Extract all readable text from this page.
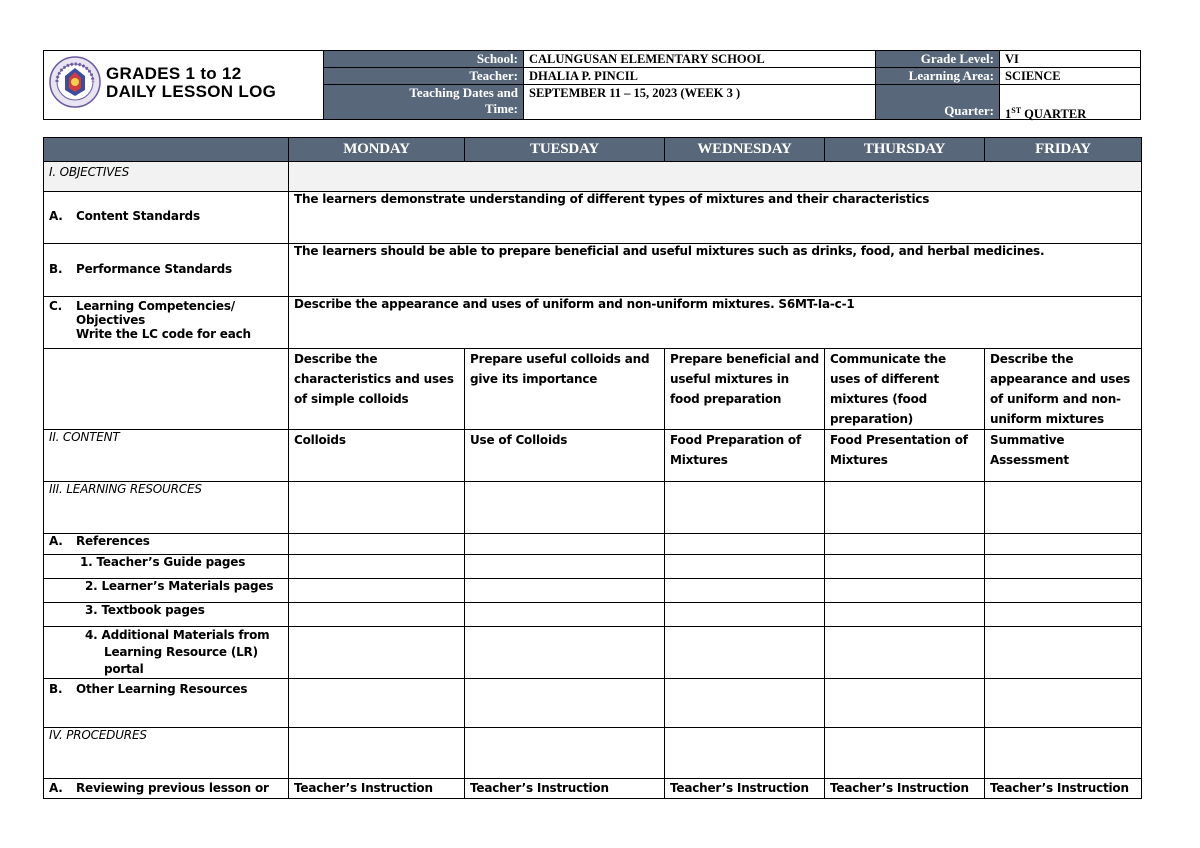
GRADES 1 to 12
DAILY LESSON LOG
School: CALUNGUSAN ELEMENTARY SCHOOL	Grade Level: VI
Teacher: DHALIA P. PINCIL	Learning Area: SCIENCE
Teaching Dates and
Time:
SEPTEMBER 11 – 15, 2023 (WEEK 3 )
Quarter: 1ST QUARTER
	MONDAY	TUESDAY	WEDNESDAY	THURSDAY	FRIDAY
I. OBJECTIVES					
A. Content Standards	The learners demonstrate understanding of different types of mixtures and their characteristics				
B. Performance Standards	The learners should be able to prepare beneficial and useful mixtures such as drinks, food, and herbal medicines.				
C. Learning Competencies/
Objectives
Write the LC code for each	Describe the appearance and uses of uniform and non-uniform mixtures. S6MT-Ia-c-1				
	Describe the characteristics and uses of simple colloids	Prepare useful colloids and give its importance	Prepare beneficial and useful mixtures in food preparation	Communicate the uses of different mixtures (food preparation)	Describe the appearance and uses of uniform and non-uniform mixtures
II. CONTENT	Colloids	Use of Colloids	Food Preparation of Mixtures	Food Presentation of Mixtures	Summative Assessment
III. LEARNING RESOURCES					
A. References					
1. Teacher’s Guide pages					
2. Learner’s Materials pages					
3. Textbook pages					

4. Additional Materials from
Learning Resource (LR) portal					

B. Other Learning Resources					
IV. PROCEDURES					
A. Reviewing previous lesson or	Teacher’s Instruction	Teacher’s Instruction	Teacher’s Instruction	Teacher’s Instruction	Teacher’s Instruction
